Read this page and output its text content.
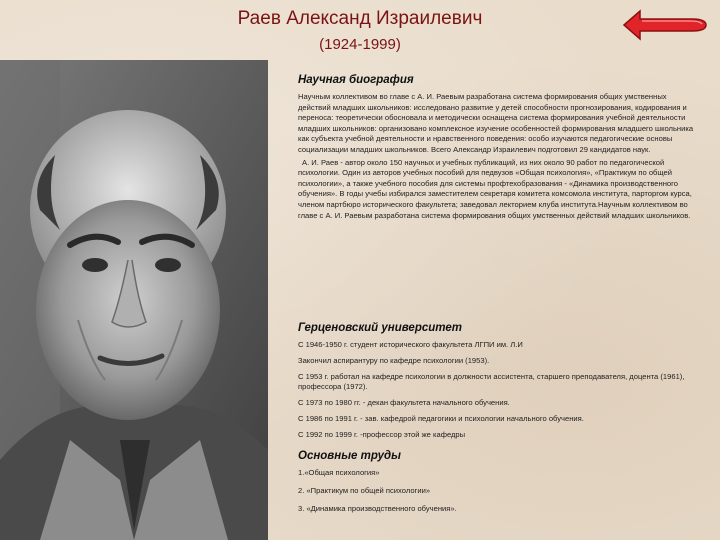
Раев Александ Израилевич
(1924-1999)
Научная биография

Научным коллективом во главе с А. И. Раевым разработана система формирования общих умственных действий младших школьников: исследовано развитие у детей способности прогнозирования, кодирования и переноса: теоретически обосновала и методически оснащена система формирования учебной деятельности младших школьников: организовано комплексное изучение особенностей формирования младшего школьника как субъекта учебной деятельности и нравственного поведения: особо изучаются педагогические основы социализации младших школьников. Всего Александр Израилевич подготовил 29 кандидатов наук.

А. И. Раев - автор около 150 научных и учебных публикаций, из них около 90 работ по педагогической психологии. Один из авторов учебных пособий для педвузов «Общая психология», «Практикум по общей психологии», а также учебного пособия для системы профтехобразования - «Динамика производственного обучения». В годы учебы избирался заместителем секретаря комитета комсомола института, парторгом курса, членом партбюро исторического факультета; заведовал лекторием клуба института.Научным коллективом во главе с А. И. Раевым разработана система формирования общих умственных действий младших школьников.

Герценовский университет

С 1946-1950 г. студент исторического факультета ЛГПИ им. Л.И

Закончил аспирантуру по кафедре психологии (1953).

С 1953 г. работал на кафедре психологии в должности ассистента, старшего преподавателя, доцента (1961), профессора (1972).

С 1973 по 1980 гг. - декан факультета начального обучения.

С 1986 по 1991 г. - зав. кафедрой педагогики и психологии начального обучения.

С 1992 по 1999 г. -профессор этой же кафедры

Основные труды

1.«Общая психология»

2. «Практикум по общей психологии»

3. «Динамика производственного обучения».
